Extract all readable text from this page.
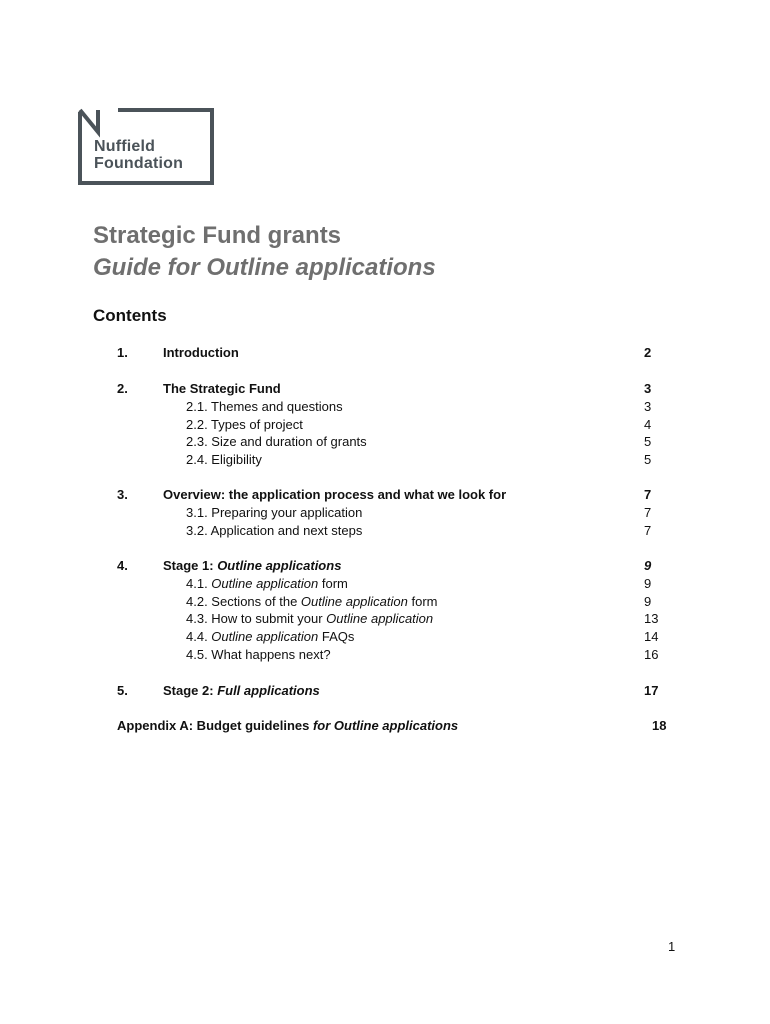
Nuffield
Foundation
Strategic Fund grants
Guide for Outline applications
Contents
1.	Introduction	2
2.	The Strategic Fund	3
2.1. Themes and questions	3
2.2. Types of project	4
2.3. Size and duration of grants	5
2.4. Eligibility	5
3.	Overview: the application process and what we look for	7
3.1. Preparing your application	7
3.2. Application and next steps	7
4.	Stage 1: Outline applications	9
4.1. Outline application form	9
4.2. Sections of the Outline application form	9
4.3. How to submit your Outline application	13
4.4. Outline application FAQs	14
4.5. What happens next?	16
5.	Stage 2: Full applications	17
Appendix A: Budget guidelines for Outline applications	18
1
